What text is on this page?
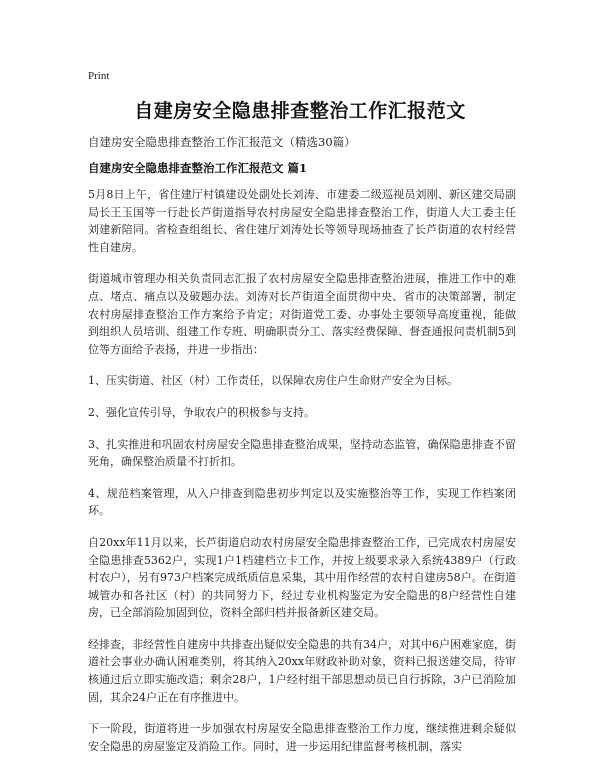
Print
自建房安全隐患排查整治工作汇报范文
自建房安全隐患排查整治工作汇报范文（精选30篇）
自建房安全隐患排查整治工作汇报范文 篇1

5月8日上午，省住建厅村镇建设处副处长刘涛、市建委二级巡视员刘刚、新区建交局副局长王玉国等一行赴长芦街道指导农村房屋安全隐患排查整治工作，街道人大工委主任刘建新陪同。省检查组组长、省住建厅刘涛处长等领导现场抽查了长芦街道的农村经营性自建房。

街道城市管理办相关负责同志汇报了农村房屋安全隐患排查整治进展，推进工作中的难点、堵点、痛点以及破题办法。刘涛对长芦街道全面贯彻中央、省市的决策部署，制定农村房屋排查整治工作方案给予肯定；对街道党工委、办事处主要领导高度重视，能做到组织人员培训、组建工作专班、明确职责分工、落实经费保障、督查通报问责机制5到位等方面给予表扬，并进一步指出：

1、压实街道、社区（村）工作责任，以保障农房住户生命财产安全为目标。

2、强化宣传引导，争取农户的积极参与支持。

3、扎实推进和巩固农村房屋安全隐患排查整治成果，坚持动态监管，确保隐患排查不留死角，确保整治质量不打折扣。

4、规范档案管理，从入户排查到隐患初步判定以及实施整治等工作，实现工作档案闭环。

自20xx年11月以来，长芦街道启动农村房屋安全隐患排查整治工作，已完成农村房屋安全隐患排查5362户，实现1户1档建档立卡工作，并按上级要求录入系统4389户（行政村农户），另有973户档案完成纸质信息采集，其中用作经营的农村自建房58户。在街道城管办和各社区（村）的共同努力下，经过专业机构鉴定为安全隐患的8户经营性自建房，已全部消险加固到位，资料全部归档并报备新区建交局。

经排查，非经营性自建房中共排查出疑似安全隐患的共有34户，对其中6户困难家庭，街道社会事业办确认困难类别，将其纳入20xx年财政补助对象，资料已报送建交局，待审核通过后立即实施改造；剩余28户，1户经村组干部思想动员已自行拆除，3户已消险加固，其余24户正在有序推进中。

下一阶段，街道将进一步加强农村房屋安全隐患排查整治工作力度，继续推进剩余疑似安全隐患的房屋鉴定及消险工作。同时，进一步运用纪律监督考核机制，落实
